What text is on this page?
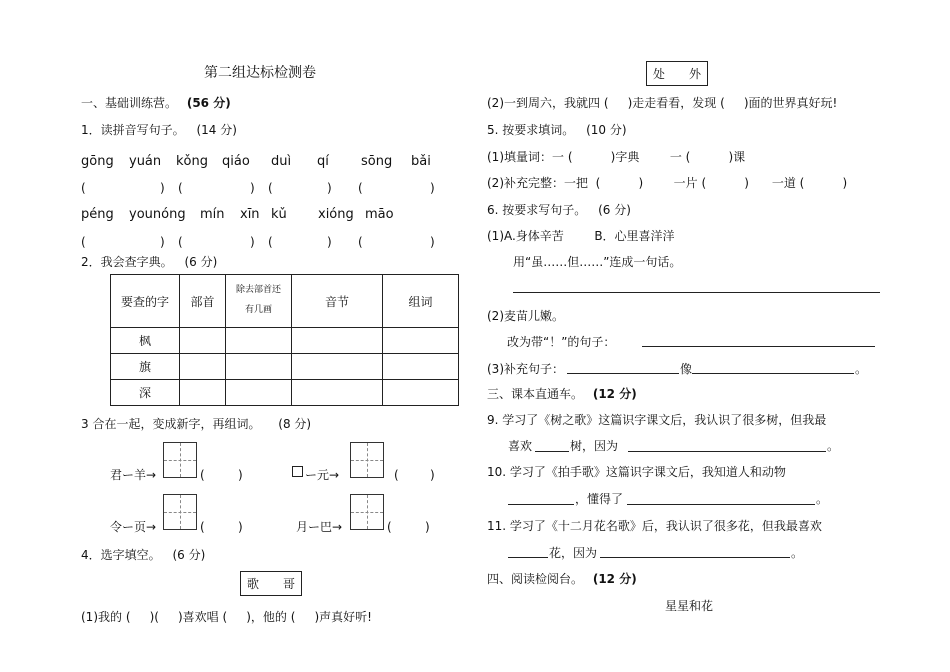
第二组达标检测卷
一、基础训练营。 (56 分)
1．读拼音写句子。 (14 分)
gōng yuán kǒng qiáo duì qí sōng bǎi
(	) (	) (	) (	)
péng younóng mín xīn kǔ xióng māo
(	) (	) (	) (	)
2．我会查字典。 (6 分)
要查的字	部首	除去部首还
有几画	音节	组词
枫				
旗				
深				
3 合在一起，变成新字，再组词。 (8 分)
君ー羊→	(	)	ー元→	(	)
令ー页→	(	)	月ー巴→	(	)
4．选字填空。 (6 分)
歌 哥
(1)我的 (     )(     )喜欢唱 (     )，他的 (     )声真好听!
处 外
(2)一到周六，我就四 (     )走走看看，发现 (     )面的世界真好玩!
5. 按要求填词。 (10 分)
(1)填量词：一 (          )字典        一 (          )课
(2)补充完整：一把  (          )        一片 (          )      一道 (          )
6. 按要求写句子。 (6 分)
(1)A.身体辛苦        B．心里喜洋洋
用“虽……但……”连成一句话。
(2)麦苗儿嫩。
改为带“！”的句子：
(3)补充句子：	像	。
三、课本直通车。 (12 分)
9. 学习了《树之歌》这篇识字课文后，我认识了很多树，但我最
喜欢	树，因为	。
10. 学习了《拍手歌》这篇识字课文后，我知道人和动物
，懂得了	。
11. 学习了《十二月花名歌》后，我认识了很多花，但我最喜欢
花，因为	。
四、阅读检阅台。 (12 分)
星星和花
